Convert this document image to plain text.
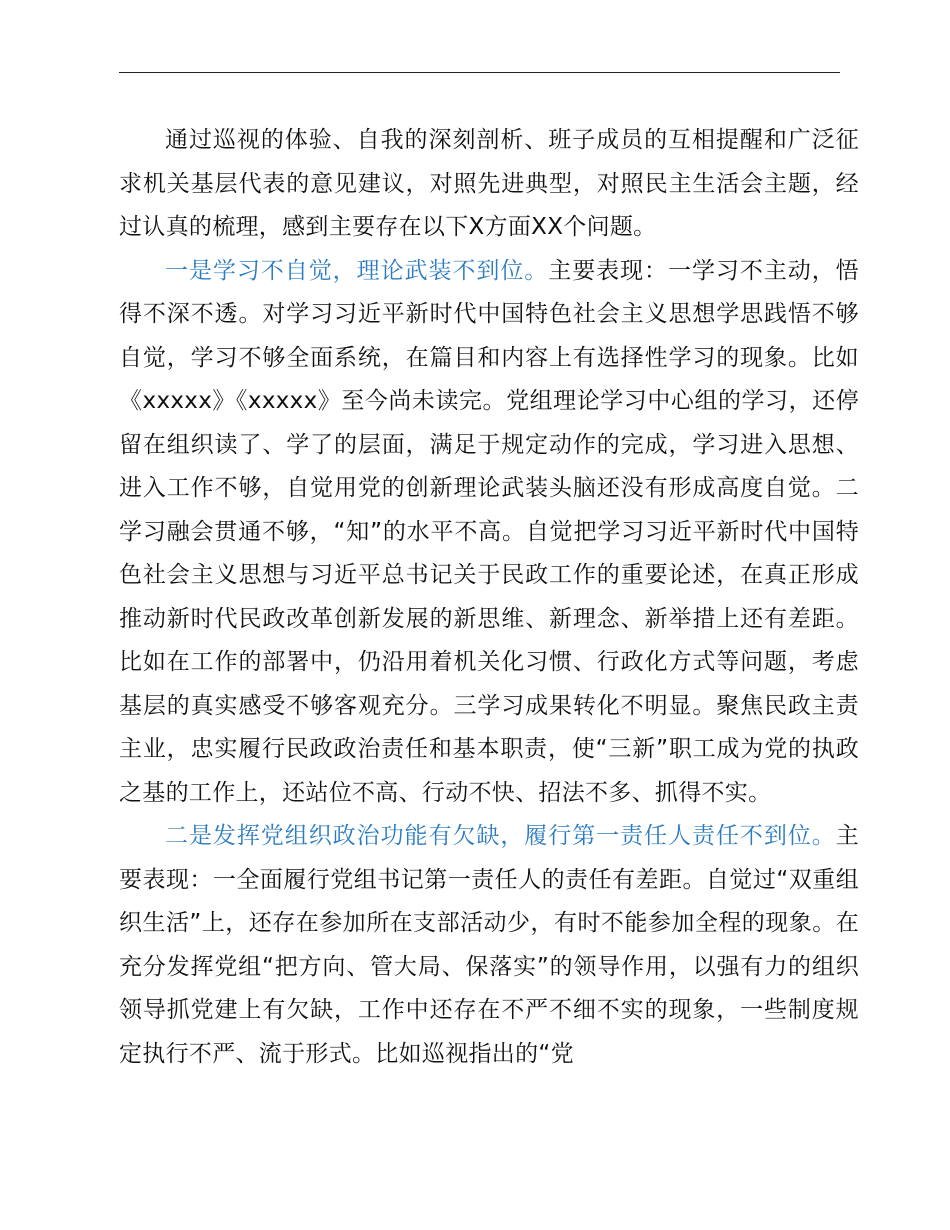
通过巡视的体验、自我的深刻剖析、班子成员的互相提醒和广泛征求机关基层代表的意见建议，对照先进典型，对照民主生活会主题，经过认真的梳理，感到主要存在以下X方面XX个问题。

一是学习不自觉，理论武装不到位。主要表现：一学习不主动，悟得不深不透。对学习习近平新时代中国特色社会主义思想学思践悟不够自觉，学习不够全面系统，在篇目和内容上有选择性学习的现象。比如《xxxxx》《xxxxx》至今尚未读完。党组理论学习中心组的学习，还停留在组织读了、学了的层面，满足于规定动作的完成，学习进入思想、进入工作不够，自觉用党的创新理论武装头脑还没有形成高度自觉。二学习融会贯通不够，“知”的水平不高。自觉把学习习近平新时代中国特色社会主义思想与习近平总书记关于民政工作的重要论述，在真正形成推动新时代民政改革创新发展的新思维、新理念、新举措上还有差距。比如在工作的部署中，仍沿用着机关化习惯、行政化方式等问题，考虑基层的真实感受不够客观充分。三学习成果转化不明显。聚焦民政主责主业，忠实履行民政政治责任和基本职责，使“三新”职工成为党的执政之基的工作上，还站位不高、行动不快、招法不多、抓得不实。

二是发挥党组织政治功能有欠缺，履行第一责任人责任不到位。主要表现：一全面履行党组书记第一责任人的责任有差距。自觉过“双重组织生活”上，还存在参加所在支部活动少，有时不能参加全程的现象。在充分发挥党组“把方向、管大局、保落实”的领导作用，以强有力的组织领导抓党建上有欠缺，工作中还存在不严不细不实的现象，一些制度规定执行不严、流于形式。比如巡视指出的“党
